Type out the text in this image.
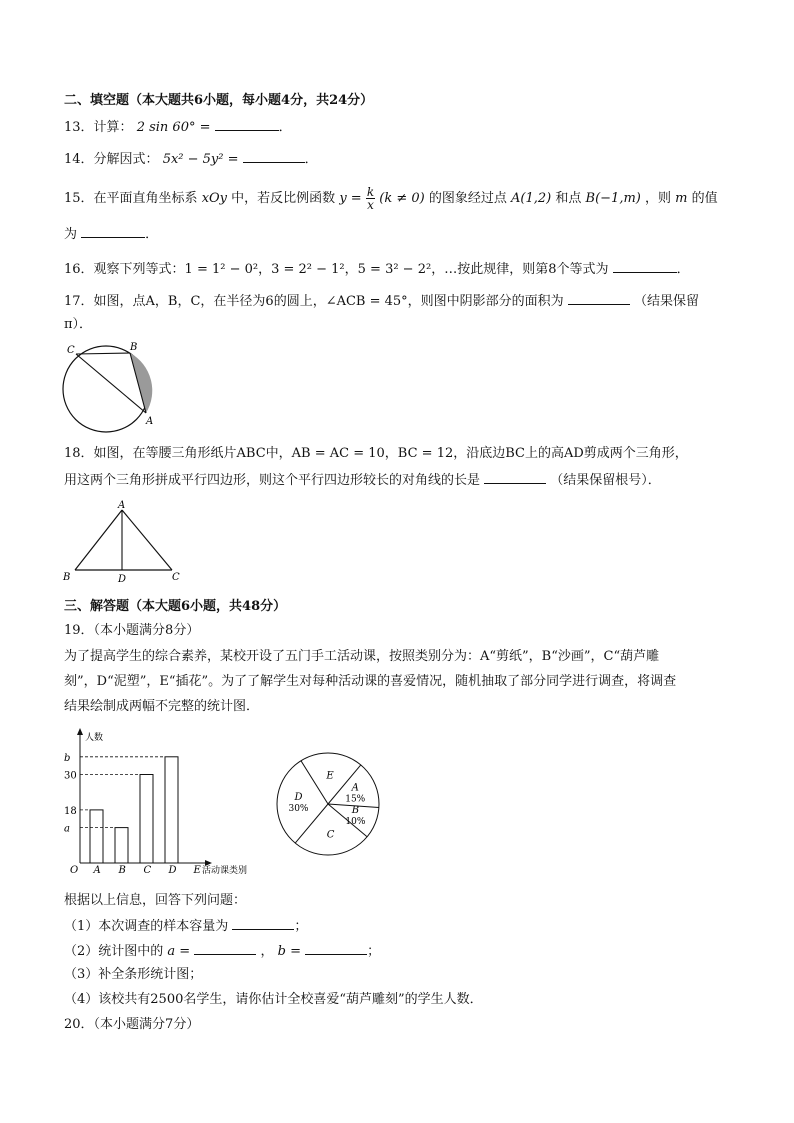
二、填空题（本大题共6小题，每小题4分，共24分）
13．计算： 2 sin 60° =	．
14．分解因式： 5x² − 5y² =	．
15．在平面直角坐标系 xOy 中，若反比例函数 $y = \frac{k}{x} (k \ne 0)$ 的图象经过点 A(1,2) 和点 B(−1,m) ，则 m 的值
为	．
16．观察下列等式：1 = 1² − 0²，3 = 2² − 1²，5 = 3² − 2²，…按此规律，则第8个等式为	．
17．如图，点A，B，C，在半径为6的圆上，∠ACB = 45°，则图中阴影部分的面积为	（结果保留
π）．
C	B
A
18．如图，在等腰三角形纸片ABC中，AB = AC = 10，BC = 12，沿底边BC上的高AD剪成两个三角形，
用这两个三角形拼成平行四边形，则这个平行四边形较长的对角线的长是	（结果保留根号）．
A
B	D	C
三、解答题（本大题6小题，共48分）
19．（本小题满分8分）
为了提高学生的综合素养，某校开设了五门手工活动课，按照类别分为：A“剪纸”，B“沙画”，C“葫芦雕
刻”，D“泥塑”，E“插花”。为了了解学生对每种活动课的喜爱情况，随机抽取了部分同学进行调查，将调查
结果绘制成两幅不完整的统计图．
人数
活动课类别
O
a
18
30
b
A B C D E
A
15%
B
10%
C
D
30%
E
根据以上信息，回答下列问题：
（1）本次调查的样本容量为	；
（2）统计图中的 a =	， b =	；
（3）补全条形统计图；
（4）该校共有2500名学生，请你估计全校喜爱“葫芦雕刻”的学生人数．
20．（本小题满分7分）
